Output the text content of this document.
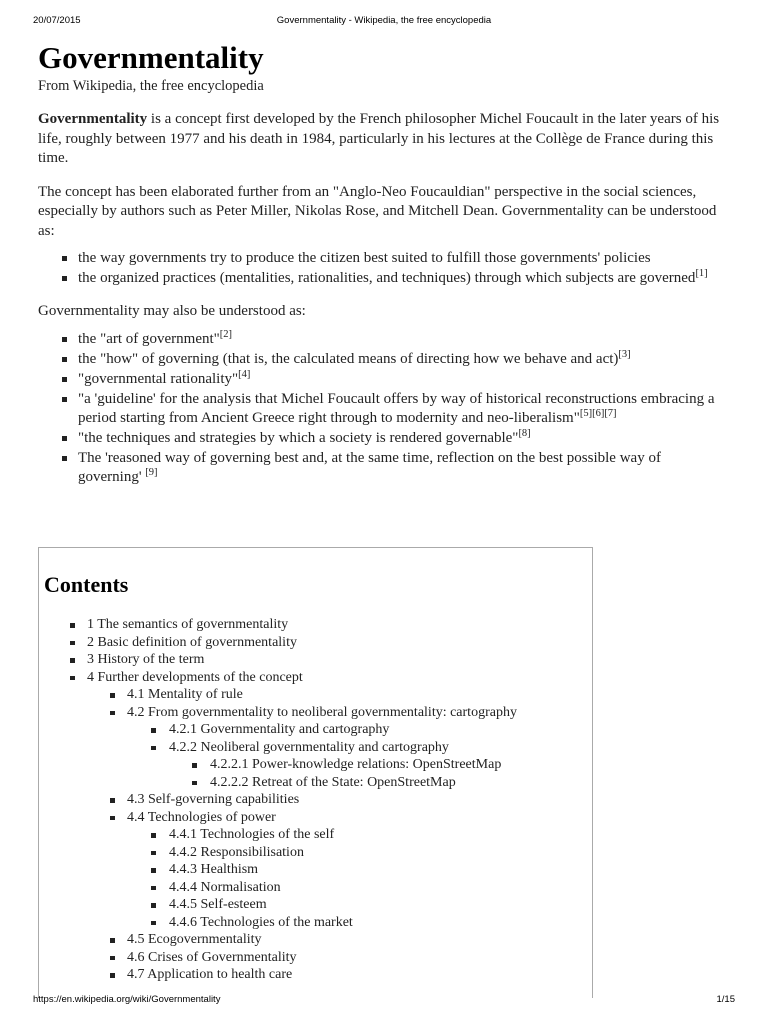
20/07/2015	Governmentality - Wikipedia, the free encyclopedia
Governmentality
From Wikipedia, the free encyclopedia

Governmentality is a concept first developed by the French philosopher Michel Foucault in the later years of his life, roughly between 1977 and his death in 1984, particularly in his lectures at the Collège de France during this time.

The concept has been elaborated further from an "Anglo-Neo Foucauldian" perspective in the social sciences, especially by authors such as Peter Miller, Nikolas Rose, and Mitchell Dean. Governmentality can be understood as:

the way governments try to produce the citizen best suited to fulfill those governments' policies
the organized practices (mentalities, rationalities, and techniques) through which subjects are governed[1]

Governmentality may also be understood as:

the "art of government"[2]
the "how" of governing (that is, the calculated means of directing how we behave and act)[3]
"governmental rationality"[4]
"a 'guideline' for the analysis that Michel Foucault offers by way of historical reconstructions embracing a period starting from Ancient Greece right through to modernity and neo-liberalism"[5][6][7]
"the techniques and strategies by which a society is rendered governable"[8]
The 'reasoned way of governing best and, at the same time, reflection on the best possible way of governing' [9]
Contents
1 The semantics of governmentality
2 Basic definition of governmentality
3 History of the term
4 Further developments of the concept
4.1 Mentality of rule
4.2 From governmentality to neoliberal governmentality: cartography
4.2.1 Governmentality and cartography
4.2.2 Neoliberal governmentality and cartography
4.2.2.1 Power-knowledge relations: OpenStreetMap
4.2.2.2 Retreat of the State: OpenStreetMap
4.3 Self-governing capabilities
4.4 Technologies of power
4.4.1 Technologies of the self
4.4.2 Responsibilisation
4.4.3 Healthism
4.4.4 Normalisation
4.4.5 Self-esteem
4.4.6 Technologies of the market
4.5 Ecogovernmentality
4.6 Crises of Governmentality
4.7 Application to health care
https://en.wikipedia.org/wiki/Governmentality	1/15
